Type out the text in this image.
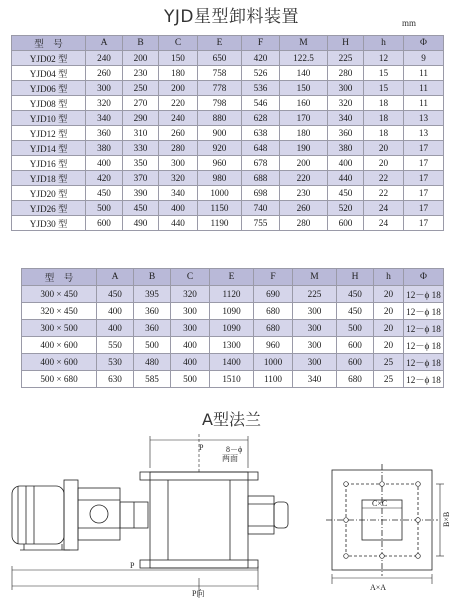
YJD星型卸料装置	mm
型　号	A	B	C	E	F	M	H	h	Φ
YJD02 型	240	200	150	650	420	122.5	225	12	9
YJD04 型	260	230	180	758	526	140	280	15	11
YJD06 型	300	250	200	778	536	150	300	15	11
YJD08 型	320	270	220	798	546	160	320	18	11
YJD10 型	340	290	240	880	628	170	340	18	13
YJD12 型	360	310	260	900	638	180	360	18	13
YJD14 型	380	330	280	920	648	190	380	20	17
YJD16 型	400	350	300	960	678	200	400	20	17
YJD18 型	420	370	320	980	688	220	440	22	17
YJD20 型	450	390	340	1000	698	230	450	22	17
YJD26 型	500	450	400	1150	740	260	520	24	17
YJD30 型	600	490	440	1190	755	280	600	24	17
型　号	A	B	C	E	F	M	H	h	Φ
300 × 450	450	395	320	1120	690	225	450	20	12－ϕ 18
320 × 450	400	360	300	1090	680	300	450	20	12－ϕ 18
300 × 500	400	360	300	1090	680	300	500	20	12－ϕ 18
400 × 600	550	500	400	1300	960	300	600	20	12－ϕ 18
400 × 600	530	480	400	1400	1000	300	600	25	12－ϕ 18
500 × 680	630	585	500	1510	1100	340	680	25	12－ϕ 18
A型法兰
P	8－ϕ
两面
P
P向
C×C
A×A
B×B
